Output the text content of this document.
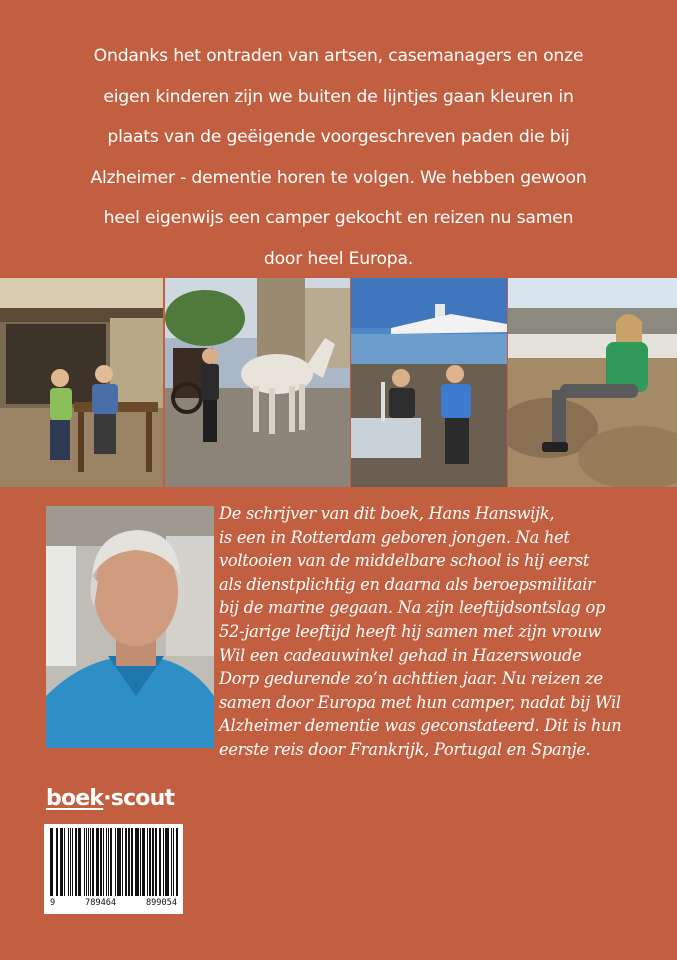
Ondanks het ontraden van artsen, casemanagers en onze
eigen kinderen zijn we buiten de lijntjes gaan kleuren in
plaats van de geëigende voorgeschreven paden die bij
Alzheimer - dementie horen te volgen. We hebben gewoon
heel eigenwijs een camper gekocht en reizen nu samen
door heel Europa.
De schrijver van dit boek, Hans Hanswijk,
is een in Rotterdam geboren jongen. Na het
voltooien van de middelbare school is hij eerst
als dienstplichtig en daarna als beroepsmilitair
bij de marine gegaan. Na zijn leeftijdsontslag op
52-jarige leeftijd heeft hij samen met zijn vrouw
Wil een cadeauwinkel gehad in Hazerswoude
Dorp gedurende zo’n achttien jaar. Nu reizen ze
samen door Europa met hun camper, nadat bij Wil
Alzheimer dementie was geconstateerd. Dit is hun
eerste reis door Frankrijk, Portugal en Spanje.
boek·scout
9	789464	899054
